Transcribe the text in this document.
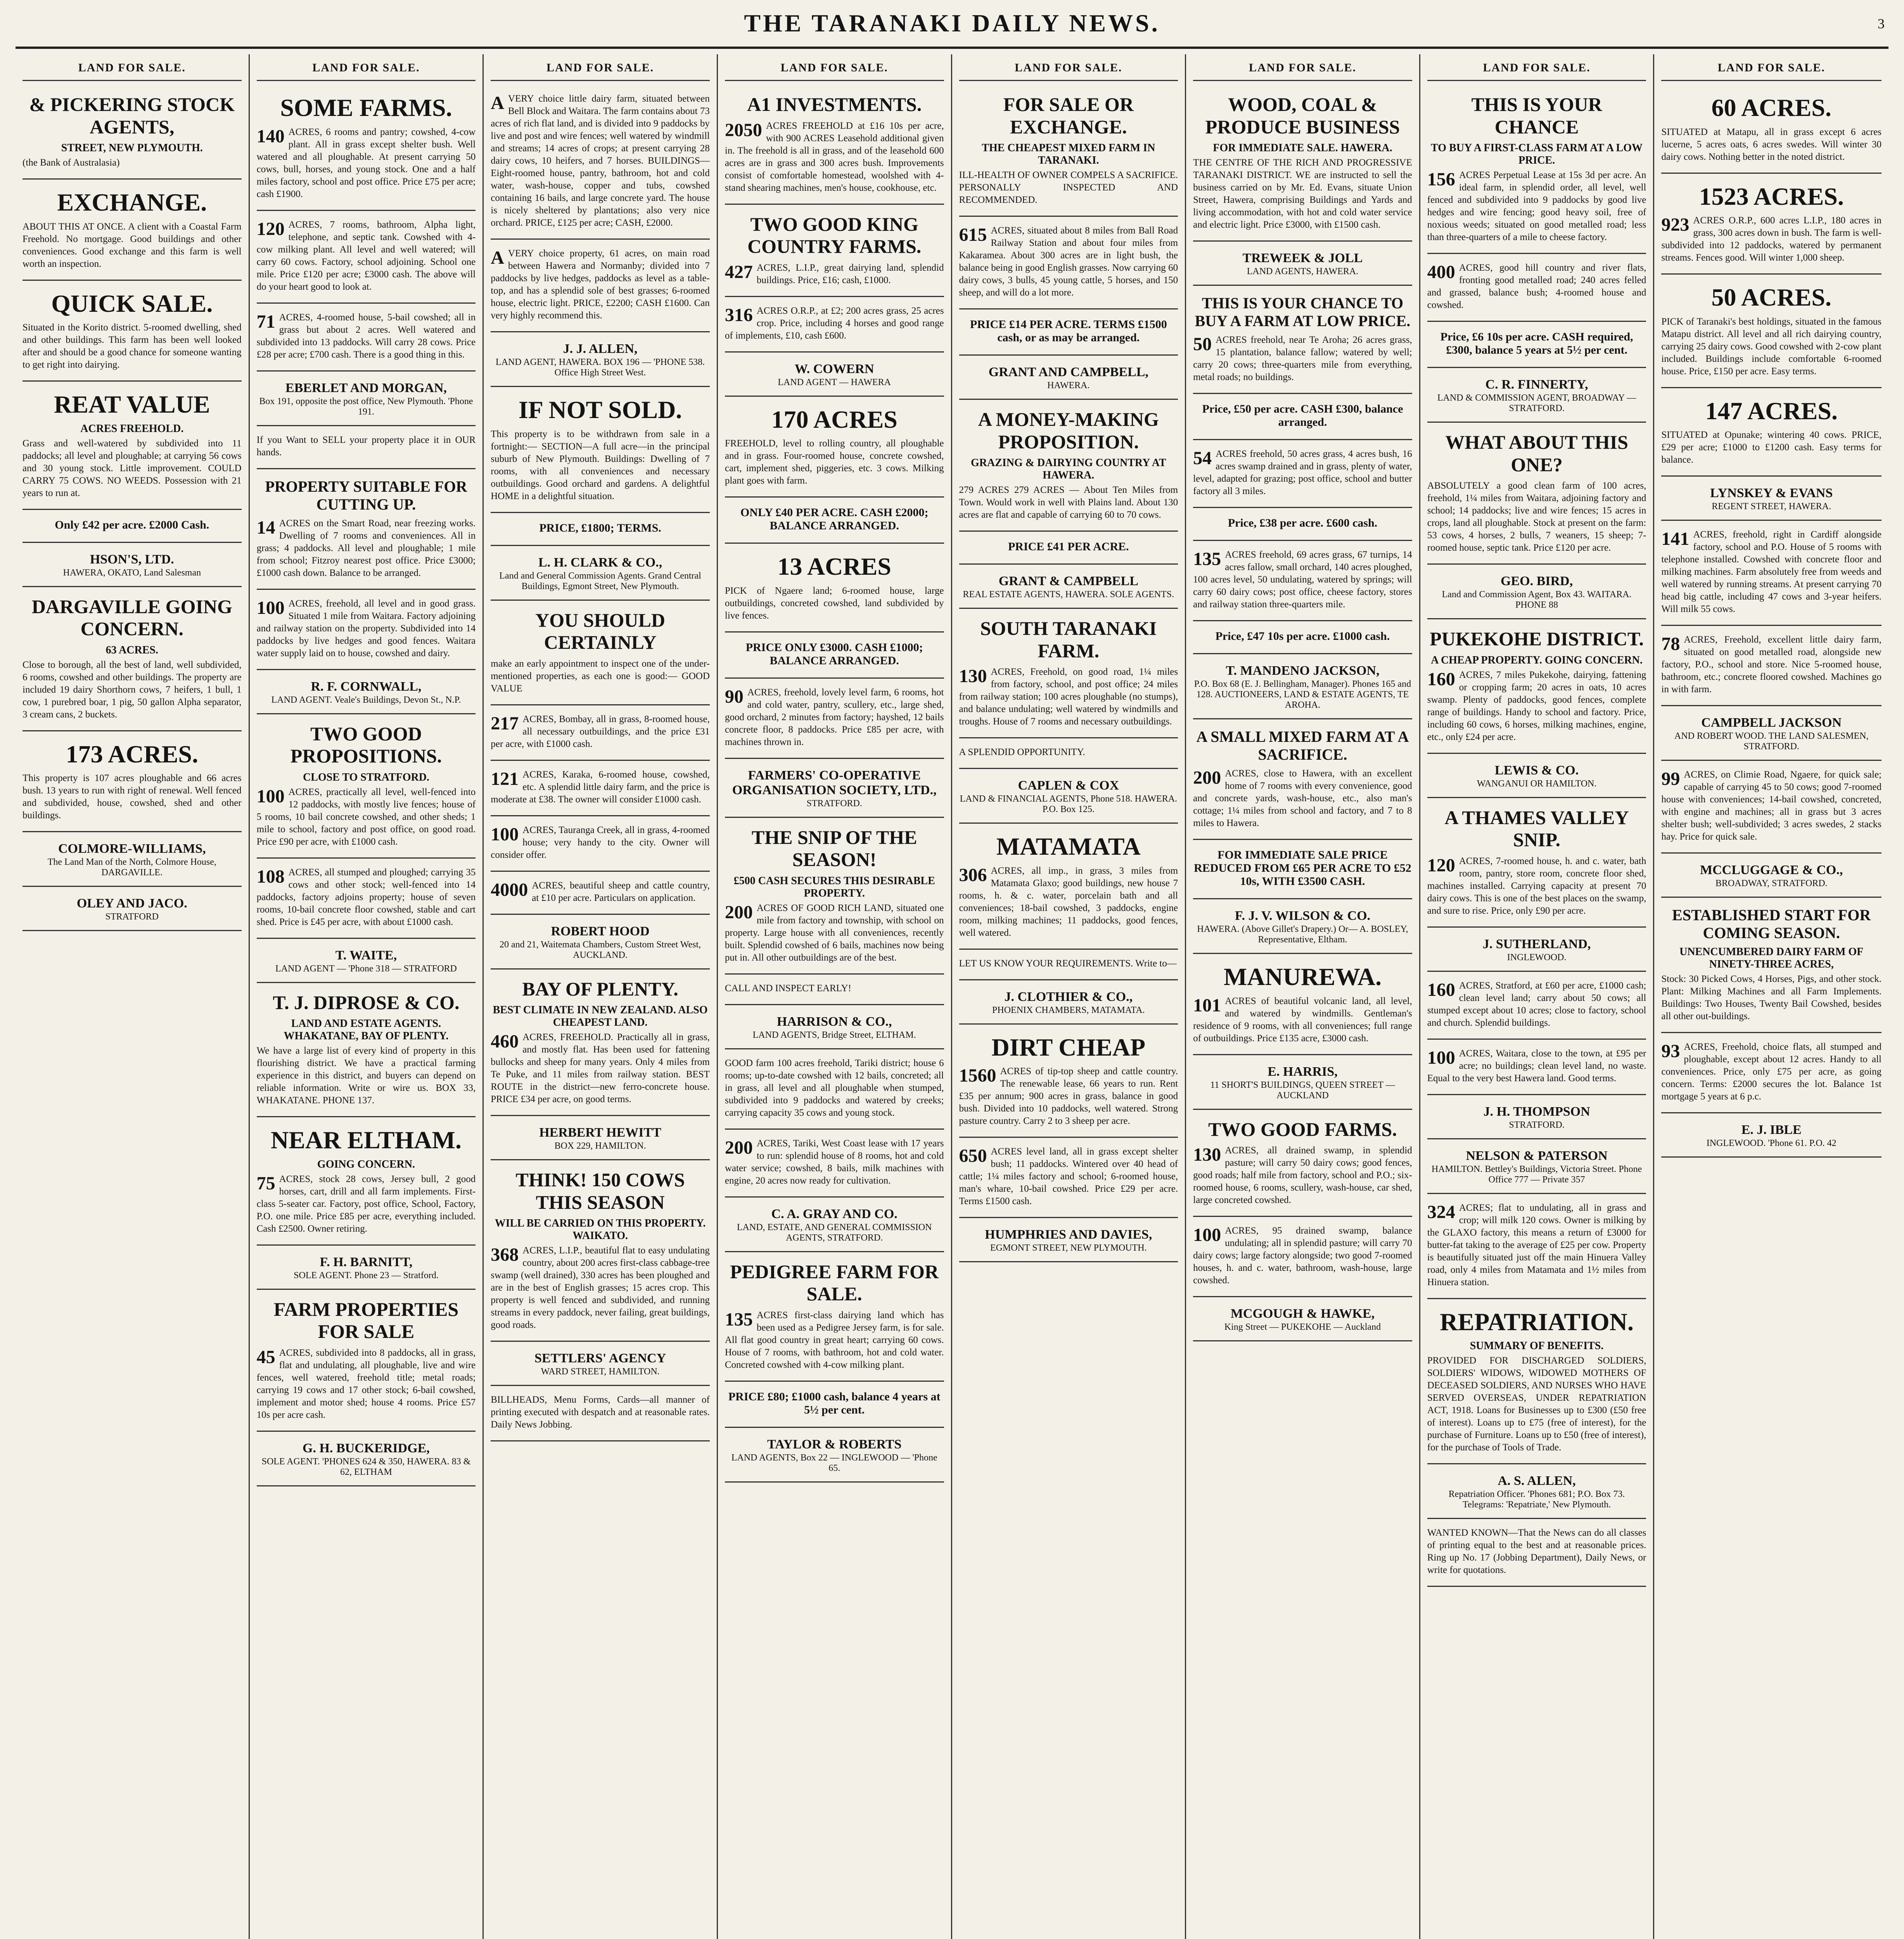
THE TARANAKI DAILY NEWS.	3
LAND FOR SALE.
& PICKERING STOCK AGENTS,
STREET, NEW PLYMOUTH.
(the Bank of Australasia)
EXCHANGE.
ABOUT THIS AT ONCE. A client with a Coastal Farm Freehold. No mortgage. Good buildings and other conveniences. Good exchange and this farm is well worth an inspection.
QUICK SALE.
Situated in the Korito district. 5-roomed dwelling, shed and other buildings. This farm has been well looked after and should be a good chance for someone wanting to get right into dairying.
REAT VALUE
ACRES FREEHOLD.
Grass and well-watered by subdivided into 11 paddocks; all level and ploughable; at carrying 56 cows and 30 young stock. Little improvement. COULD CARRY 75 COWS. NO WEEDS. Possession with 21 years to run at.
Only £42 per acre. £2000 Cash.
HSON'S, LTD.
HAWERA, OKATO, Land Salesman
DARGAVILLE GOING CONCERN.
63 ACRES.
Close to borough, all the best of land, well subdivided, 6 rooms, cowshed and other buildings. The property are included 19 dairy Shorthorn cows, 7 heifers, 1 bull, 1 cow, 1 purebred boar, 1 pig, 50 gallon Alpha separator, 3 cream cans, 2 buckets.
173 ACRES.
This property is 107 acres ploughable and 66 acres bush. 13 years to run with right of renewal. Well fenced and subdivided, house, cowshed, shed and other buildings.
COLMORE-WILLIAMS,
The Land Man of the North, Colmore House, DARGAVILLE.
OLEY AND JACO.
STRATFORD
LAND FOR SALE.
SOME FARMS.
140 ACRES, 6 rooms and pantry; cowshed, 4-cow plant. All in grass except shelter bush. Well watered and all ploughable. At present carrying 50 cows, bull, horses, and young stock. One and a half miles factory, school and post office. Price £75 per acre; cash £1900.
120 ACRES, 7 rooms, bathroom, Alpha light, telephone, and septic tank. Cowshed with 4-cow milking plant. All level and well watered; will carry 60 cows. Factory, school adjoining. School one mile. Price £120 per acre; £3000 cash. The above will do your heart good to look at.
71 ACRES, 4-roomed house, 5-bail cowshed; all in grass but about 2 acres. Well watered and subdivided into 13 paddocks. Will carry 28 cows. Price £28 per acre; £700 cash. There is a good thing in this.
EBERLET AND MORGAN,
Box 191, opposite the post office, New Plymouth. 'Phone 191.
If you Want to SELL your property place it in OUR hands.
PROPERTY SUITABLE FOR CUTTING UP.
14 ACRES on the Smart Road, near freezing works. Dwelling of 7 rooms and conveniences. All in grass; 4 paddocks. All level and ploughable; 1 mile from school; Fitzroy nearest post office. Price £3000; £1000 cash down. Balance to be arranged.
100 ACRES, freehold, all level and in good grass. Situated 1 mile from Waitara. Factory adjoining and railway station on the property. Subdivided into 14 paddocks by live hedges and good fences. Waitara water supply laid on to house, cowshed and dairy.
R. F. CORNWALL,
LAND AGENT. Veale's Buildings, Devon St., N.P.
TWO GOOD PROPOSITIONS.
CLOSE TO STRATFORD.
100 ACRES, practically all level, well-fenced into 12 paddocks, with mostly live fences; house of 5 rooms, 10 bail concrete cowshed, and other sheds; 1 mile to school, factory and post office, on good road. Price £90 per acre, with £1000 cash.
108 ACRES, all stumped and ploughed; carrying 35 cows and other stock; well-fenced into 14 paddocks, factory adjoins property; house of seven rooms, 10-bail concrete floor cowshed, stable and cart shed. Price is £45 per acre, with about £1000 cash.
T. WAITE,
LAND AGENT — 'Phone 318 — STRATFORD
T. J. DIPROSE & CO.
LAND AND ESTATE AGENTS. WHAKATANE, BAY OF PLENTY.
We have a large list of every kind of property in this flourishing district. We have a practical farming experience in this district, and buyers can depend on reliable information. Write or wire us. BOX 33, WHAKATANE. PHONE 137.
NEAR ELTHAM.
GOING CONCERN.
75 ACRES, stock 28 cows, Jersey bull, 2 good horses, cart, drill and all farm implements. First-class 5-seater car. Factory, post office, School, Factory, P.O. one mile. Price £85 per acre, everything included. Cash £2500. Owner retiring.
F. H. BARNITT,
SOLE AGENT. Phone 23 — Stratford.
FARM PROPERTIES FOR SALE
45 ACRES, subdivided into 8 paddocks, all in grass, flat and undulating, all ploughable, live and wire fences, well watered, freehold title; metal roads; carrying 19 cows and 17 other stock; 6-bail cowshed, implement and motor shed; house 4 rooms. Price £57 10s per acre cash.
G. H. BUCKERIDGE,
SOLE AGENT. 'PHONES 624 & 350, HAWERA. 83 & 62, ELTHAM
LAND FOR SALE.
AVERY choice little dairy farm, situated between Bell Block and Waitara. The farm contains about 73 acres of rich flat land, and is divided into 9 paddocks by live and post and wire fences; well watered by windmill and streams; 14 acres of crops; at present carrying 28 dairy cows, 10 heifers, and 7 horses. BUILDINGS—Eight-roomed house, pantry, bathroom, hot and cold water, wash-house, copper and tubs, cowshed containing 16 bails, and large concrete yard. The house is nicely sheltered by plantations; also very nice orchard. PRICE, £125 per acre; CASH, £2000.
AVERY choice property, 61 acres, on main road between Hawera and Normanby; divided into 7 paddocks by live hedges, paddocks as level as a table-top, and has a splendid sole of best grasses; 6-roomed house, electric light. PRICE, £2200; CASH £1600. Can very highly recommend this.
J. J. ALLEN,
LAND AGENT, HAWERA. BOX 196 — 'PHONE 538. Office High Street West.
IF NOT SOLD.
This property is to be withdrawn from sale in a fortnight:— SECTION—A full acre—in the principal suburb of New Plymouth. Buildings: Dwelling of 7 rooms, with all conveniences and necessary outbuildings. Good orchard and gardens. A delightful HOME in a delightful situation.
PRICE, £1800; TERMS.
L. H. CLARK & CO.,
Land and General Commission Agents. Grand Central Buildings, Egmont Street, New Plymouth.
YOU SHOULD CERTAINLY
make an early appointment to inspect one of the under-mentioned properties, as each one is good:— GOOD VALUE
217 ACRES, Bombay, all in grass, 8-roomed house, all necessary outbuildings, and the price £31 per acre, with £1000 cash.
121 ACRES, Karaka, 6-roomed house, cowshed, etc. A splendid little dairy farm, and the price is moderate at £38. The owner will consider £1000 cash.
100 ACRES, Tauranga Creek, all in grass, 4-roomed house; very handy to the city. Owner will consider offer.
4000 ACRES, beautiful sheep and cattle country, at £10 per acre. Particulars on application.
ROBERT HOOD
20 and 21, Waitemata Chambers, Custom Street West, AUCKLAND.
BAY OF PLENTY.
BEST CLIMATE IN NEW ZEALAND. ALSO CHEAPEST LAND.
460 ACRES, FREEHOLD. Practically all in grass, and mostly flat. Has been used for fattening bullocks and sheep for many years. Only 4 miles from Te Puke, and 11 miles from railway station. BEST ROUTE in the district—new ferro-concrete house. PRICE £34 per acre, on good terms.
HERBERT HEWITT
BOX 229, HAMILTON.
THINK! 150 COWS THIS SEASON
WILL BE CARRIED ON THIS PROPERTY. WAIKATO.
368 ACRES, L.I.P., beautiful flat to easy undulating country, about 200 acres first-class cabbage-tree swamp (well drained), 330 acres has been ploughed and are in the best of English grasses; 15 acres crop. This property is well fenced and subdivided, and running streams in every paddock, never failing, great buildings, good roads.
SETTLERS' AGENCY
WARD STREET, HAMILTON.
BILLHEADS, Menu Forms, Cards—all manner of printing executed with despatch and at reasonable rates. Daily News Jobbing.
LAND FOR SALE.
A1 INVESTMENTS.
2050 ACRES FREEHOLD at £16 10s per acre, with 900 ACRES Leasehold additional given in. The freehold is all in grass, and of the leasehold 600 acres are in grass and 300 acres bush. Improvements consist of comfortable homestead, woolshed with 4-stand shearing machines, men's house, cookhouse, etc.
TWO GOOD KING COUNTRY FARMS.
427 ACRES, L.I.P., great dairying land, splendid buildings. Price, £16; cash, £1000.
316 ACRES O.R.P., at £2; 200 acres grass, 25 acres crop. Price, including 4 horses and good range of implements, £10, cash £600.
W. COWERN
LAND AGENT — HAWERA
170 ACRES
FREEHOLD, level to rolling country, all ploughable and in grass. Four-roomed house, concrete cowshed, cart, implement shed, piggeries, etc. 3 cows. Milking plant goes with farm.
ONLY £40 PER ACRE. CASH £2000; BALANCE ARRANGED.
13 ACRES
PICK of Ngaere land; 6-roomed house, large outbuildings, concreted cowshed, land subdivided by live fences.
PRICE ONLY £3000. CASH £1000; BALANCE ARRANGED.
90 ACRES, freehold, lovely level farm, 6 rooms, hot and cold water, pantry, scullery, etc., large shed, good orchard, 2 minutes from factory; hayshed, 12 bails concrete floor, 8 paddocks. Price £85 per acre, with machines thrown in.
FARMERS' CO-OPERATIVE ORGANISATION SOCIETY, LTD.,
STRATFORD.
THE SNIP OF THE SEASON!
£500 CASH SECURES THIS DESIRABLE PROPERTY.
200 ACRES OF GOOD RICH LAND, situated one mile from factory and township, with school on property. Large house with all conveniences, recently built. Splendid cowshed of 6 bails, machines now being put in. All other outbuildings are of the best.
CALL AND INSPECT EARLY!
HARRISON & CO.,
LAND AGENTS, Bridge Street, ELTHAM.
GOOD farm 100 acres freehold, Tariki district; house 6 rooms; up-to-date cowshed with 12 bails, concreted; all in grass, all level and all ploughable when stumped, subdivided into 9 paddocks and watered by creeks; carrying capacity 35 cows and young stock.
200 ACRES, Tariki, West Coast lease with 17 years to run: splendid house of 8 rooms, hot and cold water service; cowshed, 8 bails, milk machines with engine, 20 acres now ready for cultivation.
C. A. GRAY AND CO.
LAND, ESTATE, AND GENERAL COMMISSION AGENTS, STRATFORD.
PEDIGREE FARM FOR SALE.
135 ACRES first-class dairying land which has been used as a Pedigree Jersey farm, is for sale. All flat good country in great heart; carrying 60 cows. House of 7 rooms, with bathroom, hot and cold water. Concreted cowshed with 4-cow milking plant.
PRICE £80; £1000 cash, balance 4 years at 5½ per cent.
TAYLOR & ROBERTS
LAND AGENTS, Box 22 — INGLEWOOD — 'Phone 65.
LAND FOR SALE.
FOR SALE OR EXCHANGE.
THE CHEAPEST MIXED FARM IN TARANAKI.
ILL-HEALTH OF OWNER COMPELS A SACRIFICE. PERSONALLY INSPECTED AND RECOMMENDED.
615 ACRES, situated about 8 miles from Ball Road Railway Station and about four miles from Kakaramea. About 300 acres are in light bush, the balance being in good English grasses. Now carrying 60 dairy cows, 3 bulls, 45 young cattle, 5 horses, and 150 sheep, and will do a lot more.
PRICE £14 PER ACRE. TERMS £1500 cash, or as may be arranged.
GRANT AND CAMPBELL,
HAWERA.
A MONEY-MAKING PROPOSITION.
GRAZING & DAIRYING COUNTRY AT HAWERA.
279 ACRES 279 ACRES — About Ten Miles from Town. Would work in well with Plains land. About 130 acres are flat and capable of carrying 60 to 70 cows.
PRICE £41 PER ACRE.
GRANT & CAMPBELL
REAL ESTATE AGENTS, HAWERA. SOLE AGENTS.
SOUTH TARANAKI FARM.
130 ACRES, Freehold, on good road, 1¼ miles from factory, school, and post office; 24 miles from railway station; 100 acres ploughable (no stumps), and balance undulating; well watered by windmills and troughs. House of 7 rooms and necessary outbuildings.
A SPLENDID OPPORTUNITY.
CAPLEN & COX
LAND & FINANCIAL AGENTS, Phone 518. HAWERA. P.O. Box 125.
MATAMATA
306 ACRES, all imp., in grass, 3 miles from Matamata Glaxo; good buildings, new house 7 rooms, h. & c. water, porcelain bath and all conveniences; 18-bail cowshed, 3 paddocks, engine room, milking machines; 11 paddocks, good fences, well watered.
LET US KNOW YOUR REQUIREMENTS. Write to—
J. CLOTHIER & CO.,
PHOENIX CHAMBERS, MATAMATA.
DIRT CHEAP
1560 ACRES of tip-top sheep and cattle country. The renewable lease, 66 years to run. Rent £35 per annum; 900 acres in grass, balance in good bush. Divided into 10 paddocks, well watered. Strong pasture country. Carry 2 to 3 sheep per acre.
650 ACRES level land, all in grass except shelter bush; 11 paddocks. Wintered over 40 head of cattle; 1¼ miles factory and school; 6-roomed house, man's whare, 10-bail cowshed. Price £29 per acre. Terms £1500 cash.
HUMPHRIES AND DAVIES,
EGMONT STREET, NEW PLYMOUTH.
LAND FOR SALE.
WOOD, COAL & PRODUCE BUSINESS
FOR IMMEDIATE SALE. HAWERA.
THE CENTRE OF THE RICH AND PROGRESSIVE TARANAKI DISTRICT. WE are instructed to sell the business carried on by Mr. Ed. Evans, situate Union Street, Hawera, comprising Buildings and Yards and living accommodation, with hot and cold water service and electric light. Price £3000, with £1500 cash.
TREWEEK & JOLL
LAND AGENTS, HAWERA.
THIS IS YOUR CHANCE TO BUY A FARM AT LOW PRICE.
50 ACRES freehold, near Te Aroha; 26 acres grass, 15 plantation, balance fallow; watered by well; carry 20 cows; three-quarters mile from everything, metal roads; no buildings.
Price, £50 per acre. CASH £300, balance arranged.
54 ACRES freehold, 50 acres grass, 4 acres bush, 16 acres swamp drained and in grass, plenty of water, level, adapted for grazing; post office, school and butter factory all 3 miles.
Price, £38 per acre. £600 cash.
135 ACRES freehold, 69 acres grass, 67 turnips, 14 acres fallow, small orchard, 140 acres ploughed, 100 acres level, 50 undulating, watered by springs; will carry 60 dairy cows; post office, cheese factory, stores and railway station three-quarters mile.
Price, £47 10s per acre. £1000 cash.
T. MANDENO JACKSON,
P.O. Box 68 (E. J. Bellingham, Manager). Phones 165 and 128. AUCTIONEERS, LAND & ESTATE AGENTS, TE AROHA.
A SMALL MIXED FARM AT A SACRIFICE.
200 ACRES, close to Hawera, with an excellent home of 7 rooms with every convenience, good and concrete yards, wash-house, etc., also man's cottage; 1¼ miles from school and factory, and 7 to 8 miles to Hawera.
FOR IMMEDIATE SALE PRICE REDUCED FROM £65 PER ACRE TO £52 10s, WITH £3500 CASH.
F. J. V. WILSON & CO.
HAWERA. (Above Gillet's Drapery.) Or— A. BOSLEY, Representative, Eltham.
MANUREWA.
101 ACRES of beautiful volcanic land, all level, and watered by windmills. Gentleman's residence of 9 rooms, with all conveniences; full range of outbuildings. Price £135 acre, £3000 cash.
E. HARRIS,
11 SHORT'S BUILDINGS, QUEEN STREET — AUCKLAND
TWO GOOD FARMS.
130 ACRES, all drained swamp, in splendid pasture; will carry 50 dairy cows; good fences, good roads; half mile from factory, school and P.O.; six-roomed house, 6 rooms, scullery, wash-house, car shed, large concreted cowshed.
100 ACRES, 95 drained swamp, balance undulating; all in splendid pasture; will carry 70 dairy cows; large factory alongside; two good 7-roomed houses, h. and c. water, bathroom, wash-house, large cowshed.
MCGOUGH & HAWKE,
King Street — PUKEKOHE — Auckland
LAND FOR SALE.
THIS IS YOUR CHANCE
TO BUY A FIRST-CLASS FARM AT A LOW PRICE.
156 ACRES Perpetual Lease at 15s 3d per acre. An ideal farm, in splendid order, all level, well fenced and subdivided into 9 paddocks by good live hedges and wire fencing; good heavy soil, free of noxious weeds; situated on good metalled road; less than three-quarters of a mile to cheese factory.
400 ACRES, good hill country and river flats, fronting good metalled road; 240 acres felled and grassed, balance bush; 4-roomed house and cowshed.
Price, £6 10s per acre. CASH required, £300, balance 5 years at 5½ per cent.
C. R. FINNERTY,
LAND & COMMISSION AGENT, BROADWAY — STRATFORD.
WHAT ABOUT THIS ONE?
ABSOLUTELY a good clean farm of 100 acres, freehold, 1¼ miles from Waitara, adjoining factory and school; 14 paddocks; live and wire fences; 15 acres in crops, land all ploughable. Stock at present on the farm: 53 cows, 4 horses, 2 bulls, 7 weaners, 15 sheep; 7-roomed house, septic tank. Price £120 per acre.
GEO. BIRD,
Land and Commission Agent, Box 43. WAITARA. PHONE 88
PUKEKOHE DISTRICT.
A CHEAP PROPERTY. GOING CONCERN.
160 ACRES, 7 miles Pukekohe, dairying, fattening or cropping farm; 20 acres in oats, 10 acres swamp. Plenty of paddocks, good fences, complete range of buildings. Handy to school and factory. Price, including 60 cows, 6 horses, milking machines, engine, etc., only £24 per acre.
LEWIS & CO.
WANGANUI OR HAMILTON.
A THAMES VALLEY SNIP.
120 ACRES, 7-roomed house, h. and c. water, bath room, pantry, store room, concrete floor shed, machines installed. Carrying capacity at present 70 dairy cows. This is one of the best places on the swamp, and sure to rise. Price, only £90 per acre.
J. SUTHERLAND,
INGLEWOOD.
160 ACRES, Stratford, at £60 per acre, £1000 cash; clean level land; carry about 50 cows; all stumped except about 10 acres; close to factory, school and church. Splendid buildings.
100 ACRES, Waitara, close to the town, at £95 per acre; no buildings; clean level land, no waste. Equal to the very best Hawera land. Good terms.
J. H. THOMPSON
STRATFORD.
NELSON & PATERSON
HAMILTON. Bettley's Buildings, Victoria Street. Phone Office 777 — Private 357
324 ACRES; flat to undulating, all in grass and crop; will milk 120 cows. Owner is milking by the GLAXO factory, this means a return of £3000 for butter-fat taking to the average of £25 per cow. Property is beautifully situated just off the main Hinuera Valley road, only 4 miles from Matamata and 1½ miles from Hinuera station.
REPATRIATION.
SUMMARY OF BENEFITS.
PROVIDED FOR DISCHARGED SOLDIERS, SOLDIERS' WIDOWS, WIDOWED MOTHERS OF DECEASED SOLDIERS, AND NURSES WHO HAVE SERVED OVERSEAS, UNDER REPATRIATION ACT, 1918. Loans for Businesses up to £300 (£50 free of interest). Loans up to £75 (free of interest), for the purchase of Furniture. Loans up to £50 (free of interest), for the purchase of Tools of Trade.
A. S. ALLEN,
Repatriation Officer. 'Phones 681; P.O. Box 73. Telegrams: 'Repatriate,' New Plymouth.
WANTED KNOWN—That the News can do all classes of printing equal to the best and at reasonable prices. Ring up No. 17 (Jobbing Department), Daily News, or write for quotations.
LAND FOR SALE.
60 ACRES.
SITUATED at Matapu, all in grass except 6 acres lucerne, 5 acres oats, 6 acres swedes. Will winter 30 dairy cows. Nothing better in the noted district.
1523 ACRES.
923 ACRES O.R.P., 600 acres L.I.P., 180 acres in grass, 300 acres down in bush. The farm is well-subdivided into 12 paddocks, watered by permanent streams. Fences good. Will winter 1,000 sheep.
50 ACRES.
PICK of Taranaki's best holdings, situated in the famous Matapu district. All level and all rich dairying country, carrying 25 dairy cows. Good cowshed with 2-cow plant included. Buildings include comfortable 6-roomed house. Price, £150 per acre. Easy terms.
147 ACRES.
SITUATED at Opunake; wintering 40 cows. PRICE, £29 per acre; £1000 to £1200 cash. Easy terms for balance.
LYNSKEY & EVANS
REGENT STREET, HAWERA.
141 ACRES, freehold, right in Cardiff alongside factory, school and P.O. House of 5 rooms with telephone installed. Cowshed with concrete floor and milking machines. Farm absolutely free from weeds and well watered by running streams. At present carrying 70 head big cattle, including 47 cows and 3-year heifers. Will milk 55 cows.
78 ACRES, Freehold, excellent little dairy farm, situated on good metalled road, alongside new factory, P.O., school and store. Nice 5-roomed house, bathroom, etc.; concrete floored cowshed. Machines go in with farm.
CAMPBELL JACKSON
AND ROBERT WOOD. THE LAND SALESMEN, STRATFORD.
99 ACRES, on Climie Road, Ngaere, for quick sale; capable of carrying 45 to 50 cows; good 7-roomed house with conveniences; 14-bail cowshed, concreted, with engine and machines; all in grass but 3 acres shelter bush; well-subdivided; 3 acres swedes, 2 stacks hay. Price for quick sale.
MCCLUGGAGE & CO.,
BROADWAY, STRATFORD.
ESTABLISHED START FOR COMING SEASON.
UNENCUMBERED DAIRY FARM OF NINETY-THREE ACRES,
Stock: 30 Picked Cows, 4 Horses, Pigs, and other stock. Plant: Milking Machines and all Farm Implements. Buildings: Two Houses, Twenty Bail Cowshed, besides all other out-buildings.
93 ACRES, Freehold, choice flats, all stumped and ploughable, except about 12 acres. Handy to all conveniences. Price, only £75 per acre, as going concern. Terms: £2000 secures the lot. Balance 1st mortgage 5 years at 6 p.c.
E. J. IBLE
INGLEWOOD. 'Phone 61. P.O. 42
